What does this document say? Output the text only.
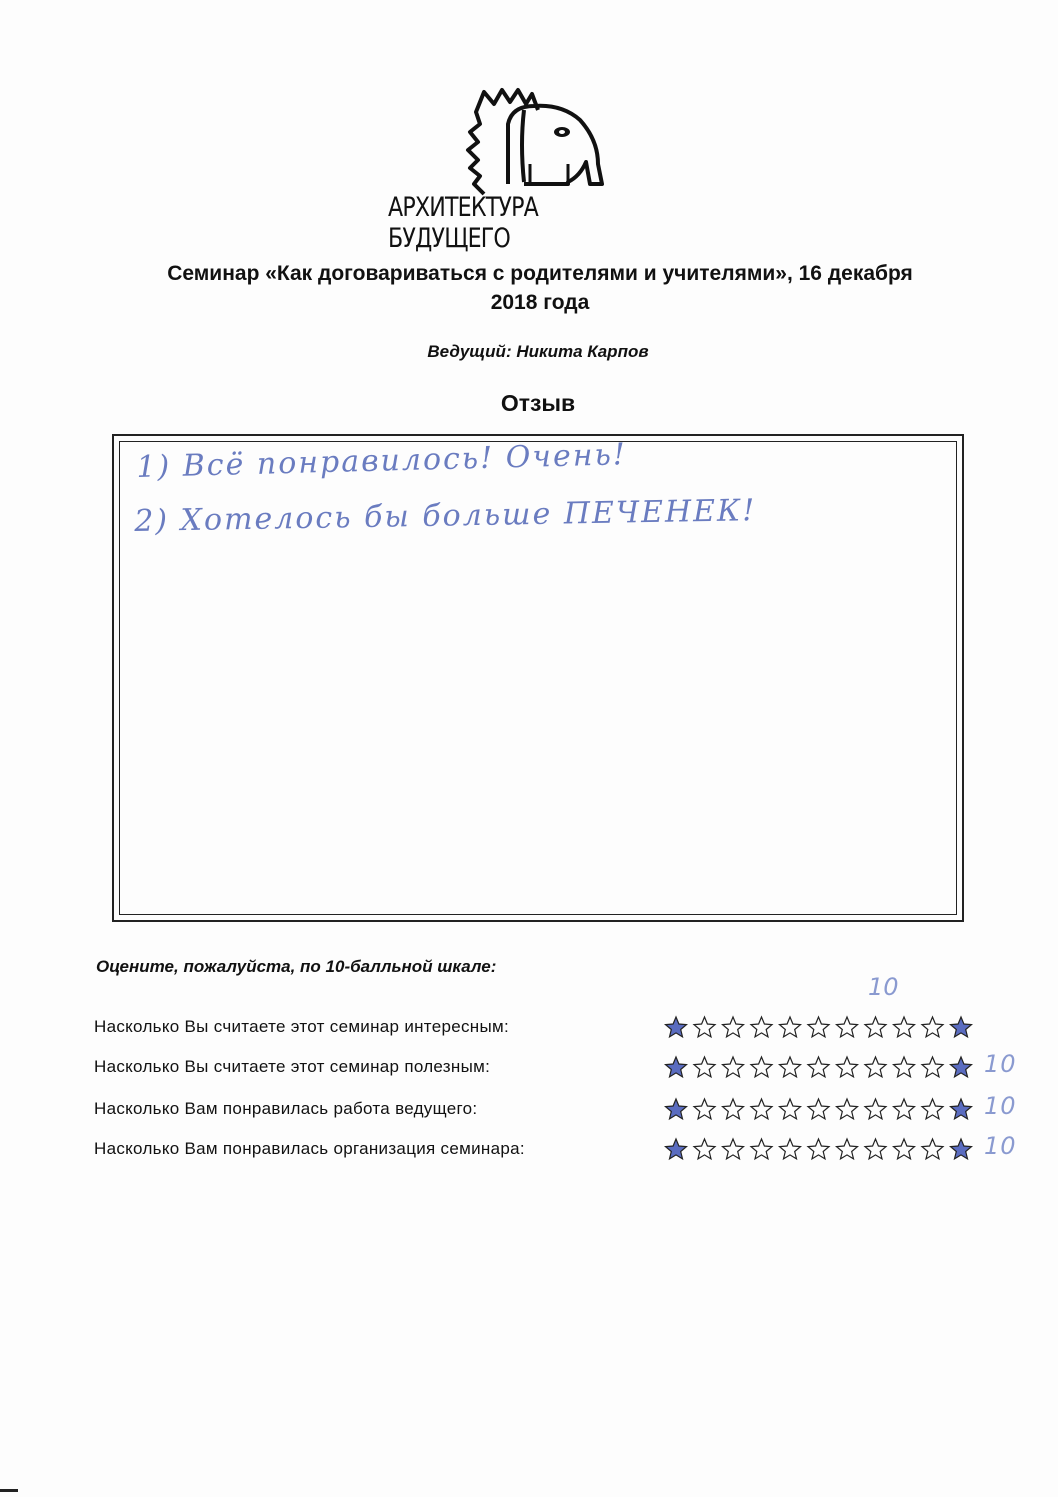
АРХИТЕКТУРА БУДУЩЕГО
Семинар «Как договариваться с родителями и учителями», 16 декабря
2018 года
Ведущий: Никита Карпов
Отзыв
1) Всё понравилось! Очень!
2) Хотелось бы больше ПЕЧЕНЕК!
Оцените, пожалуйста, по 10-балльной шкале:
10
Насколько Вы считаете этот семинар интересным:
Насколько Вы считаете этот семинар полезным:	10
Насколько Вам понравилась работа ведущего:	10
Насколько Вам понравилась организация семинара:	10
